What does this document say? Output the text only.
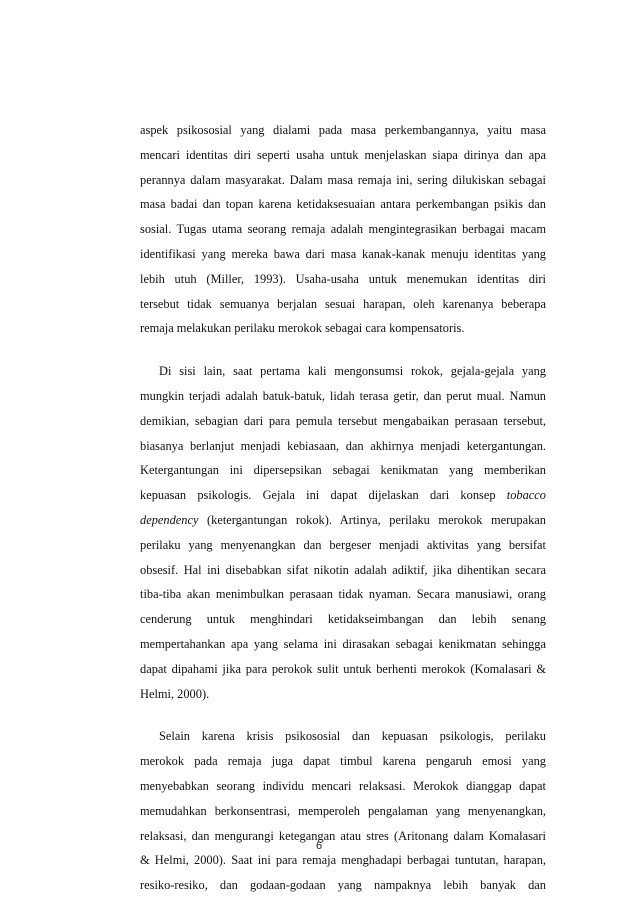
aspek psikososial yang dialami pada masa perkembangannya, yaitu masa
mencari identitas diri seperti usaha untuk menjelaskan siapa dirinya dan apa
perannya dalam masyarakat. Dalam masa remaja ini, sering dilukiskan sebagai
masa badai dan topan karena ketidaksesuaian antara perkembangan psikis dan
sosial. Tugas utama seorang remaja adalah mengintegrasikan berbagai macam
identifikasi yang mereka bawa dari masa kanak-kanak menuju identitas yang
lebih utuh (Miller, 1993). Usaha-usaha untuk menemukan identitas diri
tersebut tidak semuanya berjalan sesuai harapan, oleh karenanya beberapa
remaja melakukan perilaku merokok sebagai cara kompensatoris.

Di sisi lain, saat pertama kali mengonsumsi rokok, gejala-gejala yang
mungkin terjadi adalah batuk-batuk, lidah terasa getir, dan perut mual. Namun
demikian, sebagian dari para pemula tersebut mengabaikan perasaan tersebut,
biasanya berlanjut menjadi kebiasaan, dan akhirnya menjadi ketergantungan.
Ketergantungan ini dipersepsikan sebagai kenikmatan yang memberikan
kepuasan psikologis. Gejala ini dapat dijelaskan dari konsep tobacco
dependency (ketergantungan rokok). Artinya, perilaku merokok merupakan
perilaku yang menyenangkan dan bergeser menjadi aktivitas yang bersifat
obsesif. Hal ini disebabkan sifat nikotin adalah adiktif, jika dihentikan secara
tiba-tiba akan menimbulkan perasaan tidak nyaman. Secara manusiawi, orang
cenderung untuk menghindari ketidakseimbangan dan lebih senang
mempertahankan apa yang selama ini dirasakan sebagai kenikmatan sehingga
dapat dipahami jika para perokok sulit untuk berhenti merokok (Komalasari &
Helmi, 2000).

Selain karena krisis psikososial dan kepuasan psikologis, perilaku
merokok pada remaja juga dapat timbul karena pengaruh emosi yang
menyebabkan seorang individu mencari relaksasi. Merokok dianggap dapat
memudahkan berkonsentrasi, memperoleh pengalaman yang menyenangkan,
relaksasi, dan mengurangi ketegangan atau stres (Aritonang dalam Komalasari
& Helmi, 2000). Saat ini para remaja menghadapi berbagai tuntutan, harapan,
resiko-resiko, dan godaan-godaan yang nampaknya lebih banyak dan

6
